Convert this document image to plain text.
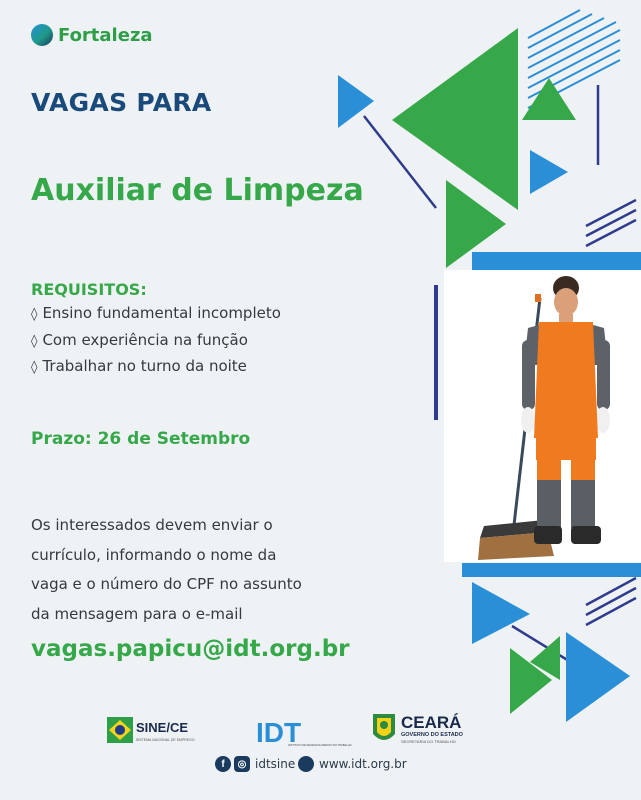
Fortaleza
VAGAS PARA
Auxiliar de Limpeza
REQUISITOS:
◊ Ensino fundamental incompleto
◊ Com experiência na função
◊ Trabalhar no turno da noite
Prazo: 26 de Setembro
Os interessados devem enviar o
currículo, informando o nome da
vaga e o número do CPF no assunto
da mensagem para o e-mail
vagas.papicu@idt.org.br
SINE/CE
SISTEMA NACIONAL DE EMPREGO IDT
INSTITUTO DE DESENVOLVIMENTO DO TRABALHO
CEARÁ
GOVERNO DO ESTADO
SECRETARIA DO TRABALHO
f	◎ idtsine www.idt.org.br
